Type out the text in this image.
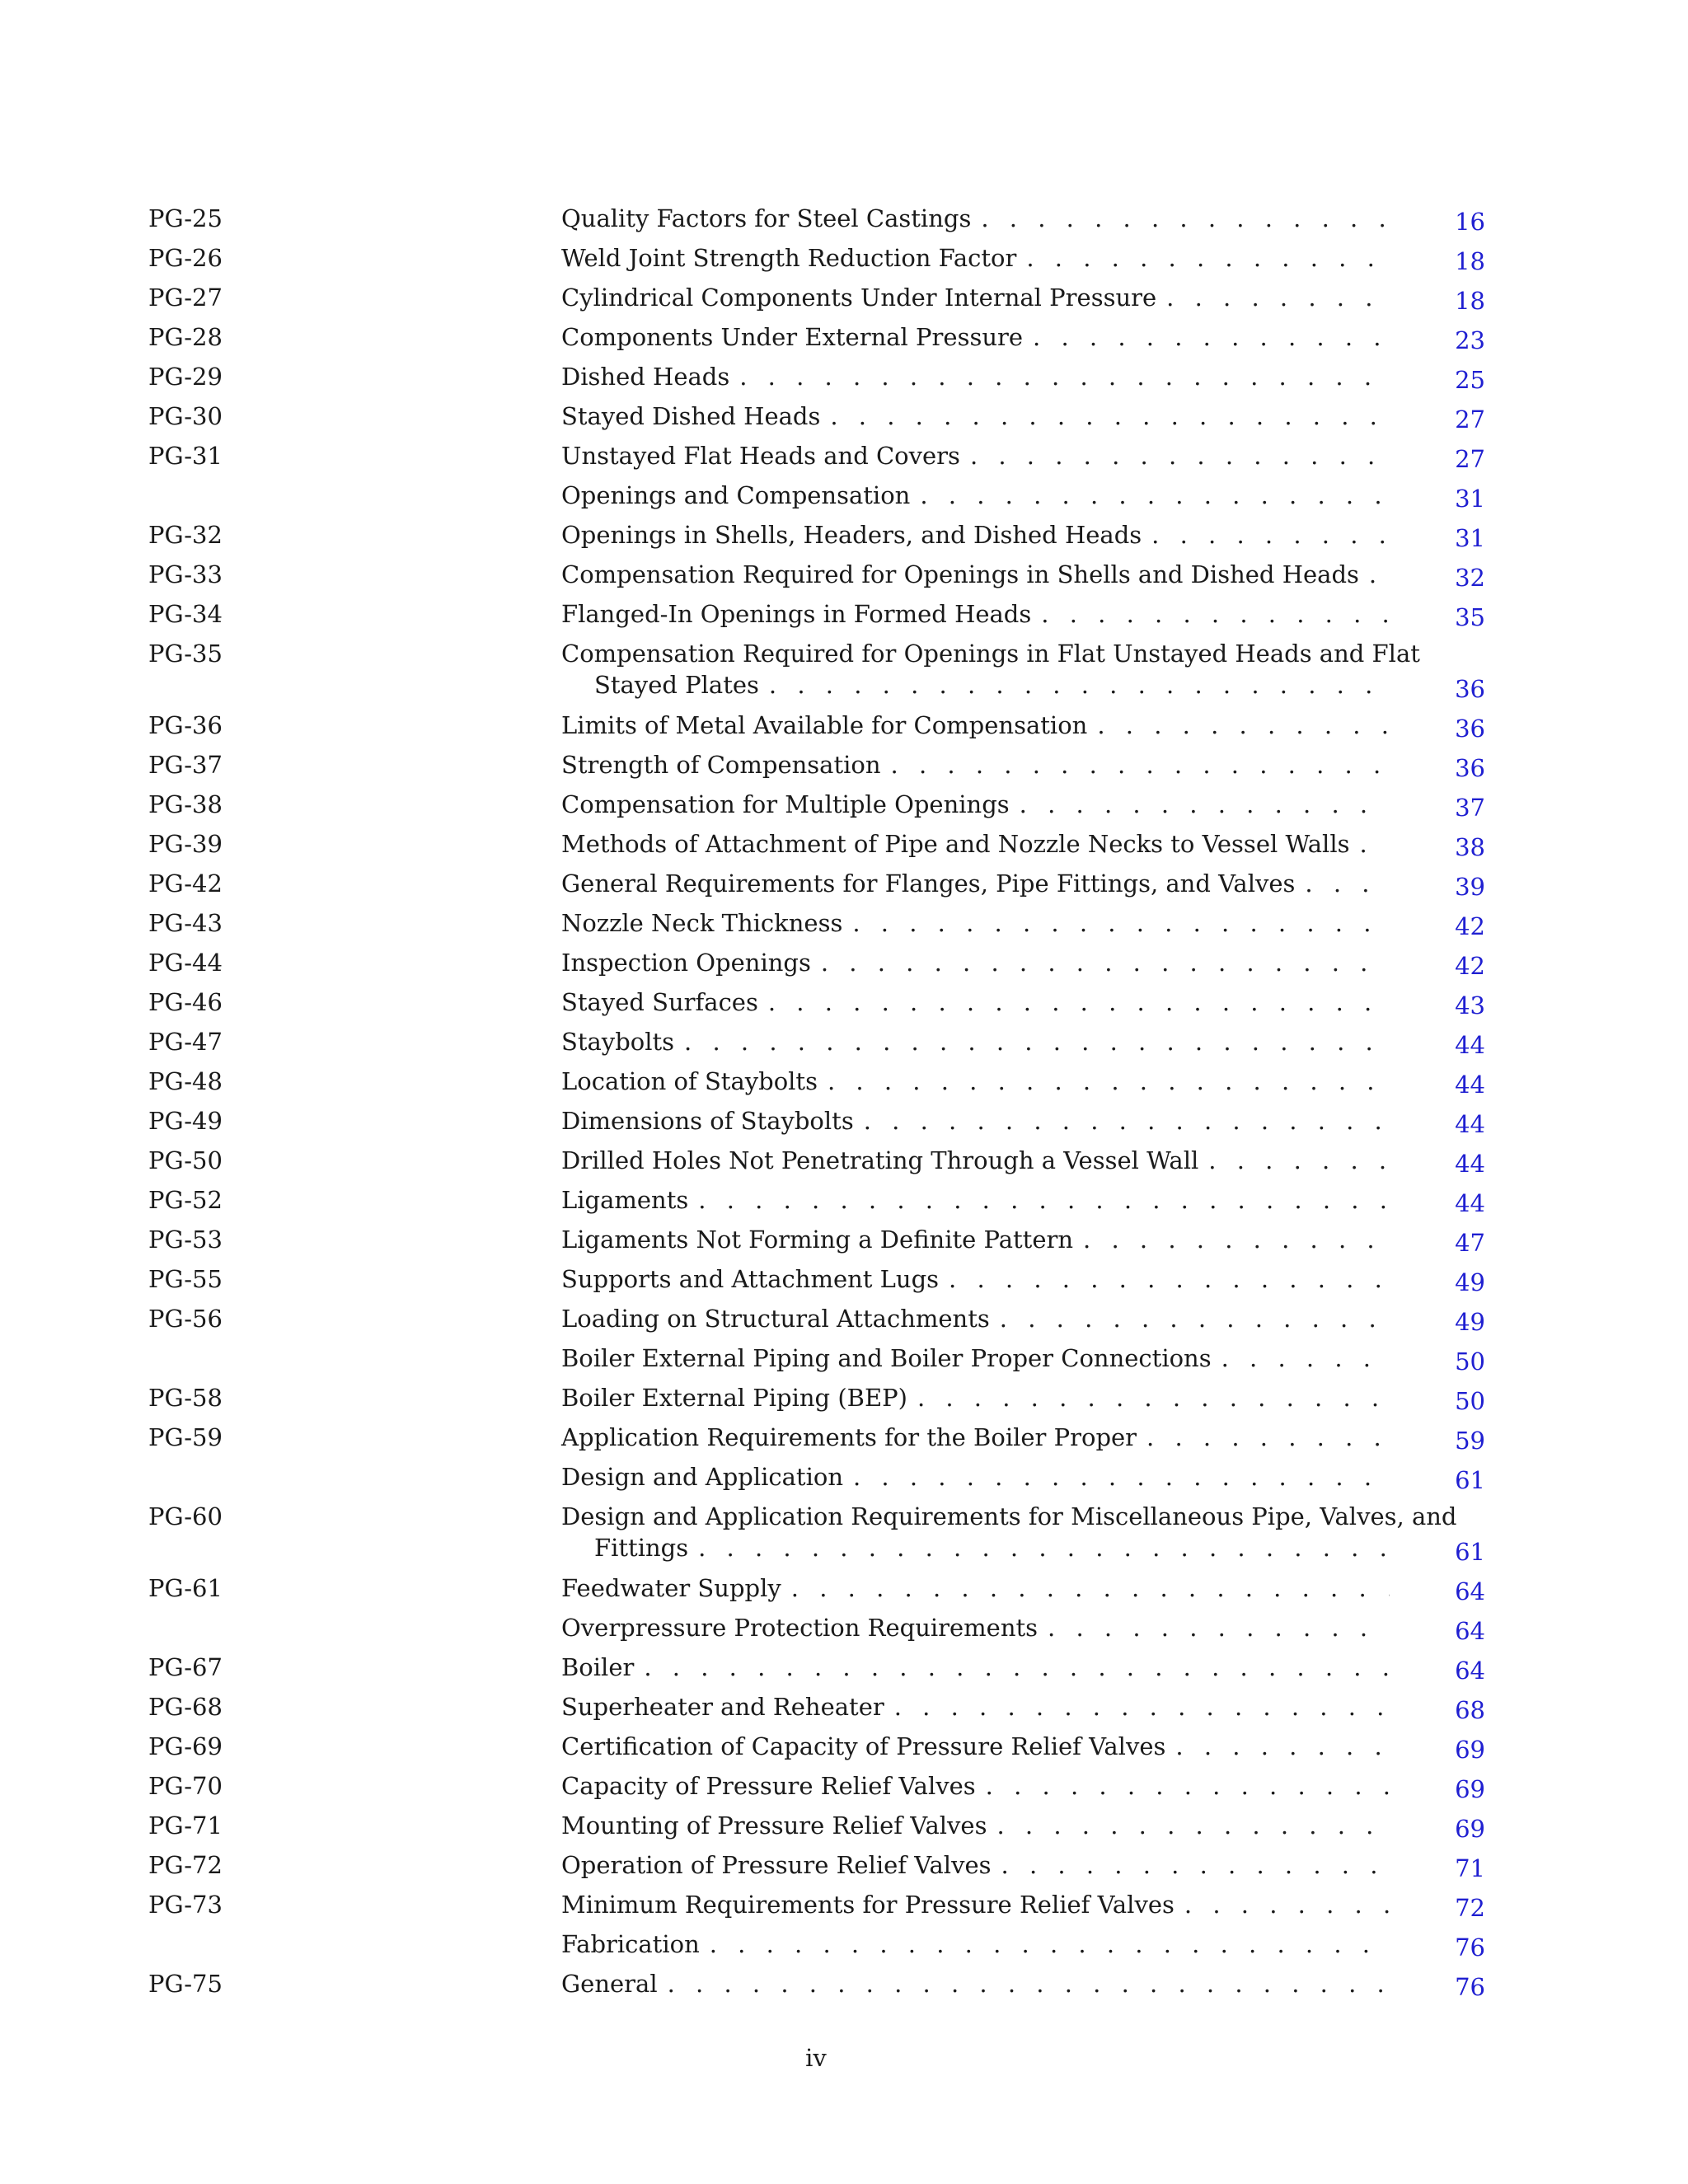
PG-25	Quality Factors for Steel Castings . . .	16
PG-26	Weld Joint Strength Reduction Factor . . .	18
PG-27	Cylindrical Components Under Internal Pressure . . .	18
PG-28	Components Under External Pressure . . .	23
PG-29	Dished Heads . . .	25
PG-30	Stayed Dished Heads . . .	27
PG-31	Unstayed Flat Heads and Covers . . .	27
Openings and Compensation . . .	31
PG-32	Openings in Shells, Headers, and Dished Heads . . .	31
PG-33	Compensation Required for Openings in Shells and Dished Heads . . .	32
PG-34	Flanged-In Openings in Formed Heads . . .	35
PG-35	Compensation Required for Openings in Flat Unstayed Heads and Flat
Stayed Plates . . .	36
PG-36	Limits of Metal Available for Compensation . . .	36
PG-37	Strength of Compensation . . .	36
PG-38	Compensation for Multiple Openings . . .	37
PG-39	Methods of Attachment of Pipe and Nozzle Necks to Vessel Walls . . .	38
PG-42	General Requirements for Flanges, Pipe Fittings, and Valves . . .	39
PG-43	Nozzle Neck Thickness . . .	42
PG-44	Inspection Openings . . .	42
PG-46	Stayed Surfaces . . .	43
PG-47	Staybolts . . .	44
PG-48	Location of Staybolts . . .	44
PG-49	Dimensions of Staybolts . . .	44
PG-50	Drilled Holes Not Penetrating Through a Vessel Wall . . .	44
PG-52	Ligaments . . .	44
PG-53	Ligaments Not Forming a Definite Pattern . . .	47
PG-55	Supports and Attachment Lugs . . .	49
PG-56	Loading on Structural Attachments . . .	49
Boiler External Piping and Boiler Proper Connections . . .	50
PG-58	Boiler External Piping (BEP) . . .	50
PG-59	Application Requirements for the Boiler Proper . . .	59
Design and Application . . .	61
PG-60	Design and Application Requirements for Miscellaneous Pipe, Valves, and
Fittings . . .	61
PG-61	Feedwater Supply . . .	64
Overpressure Protection Requirements . . .	64
PG-67	Boiler . . .	64
PG-68	Superheater and Reheater . . .	68
PG-69	Certification of Capacity of Pressure Relief Valves . . .	69
PG-70	Capacity of Pressure Relief Valves . . .	69
PG-71	Mounting of Pressure Relief Valves . . .	69
PG-72	Operation of Pressure Relief Valves . . .	71
PG-73	Minimum Requirements for Pressure Relief Valves . . .	72
Fabrication . . .	76
PG-75	General . . .	76
iv
